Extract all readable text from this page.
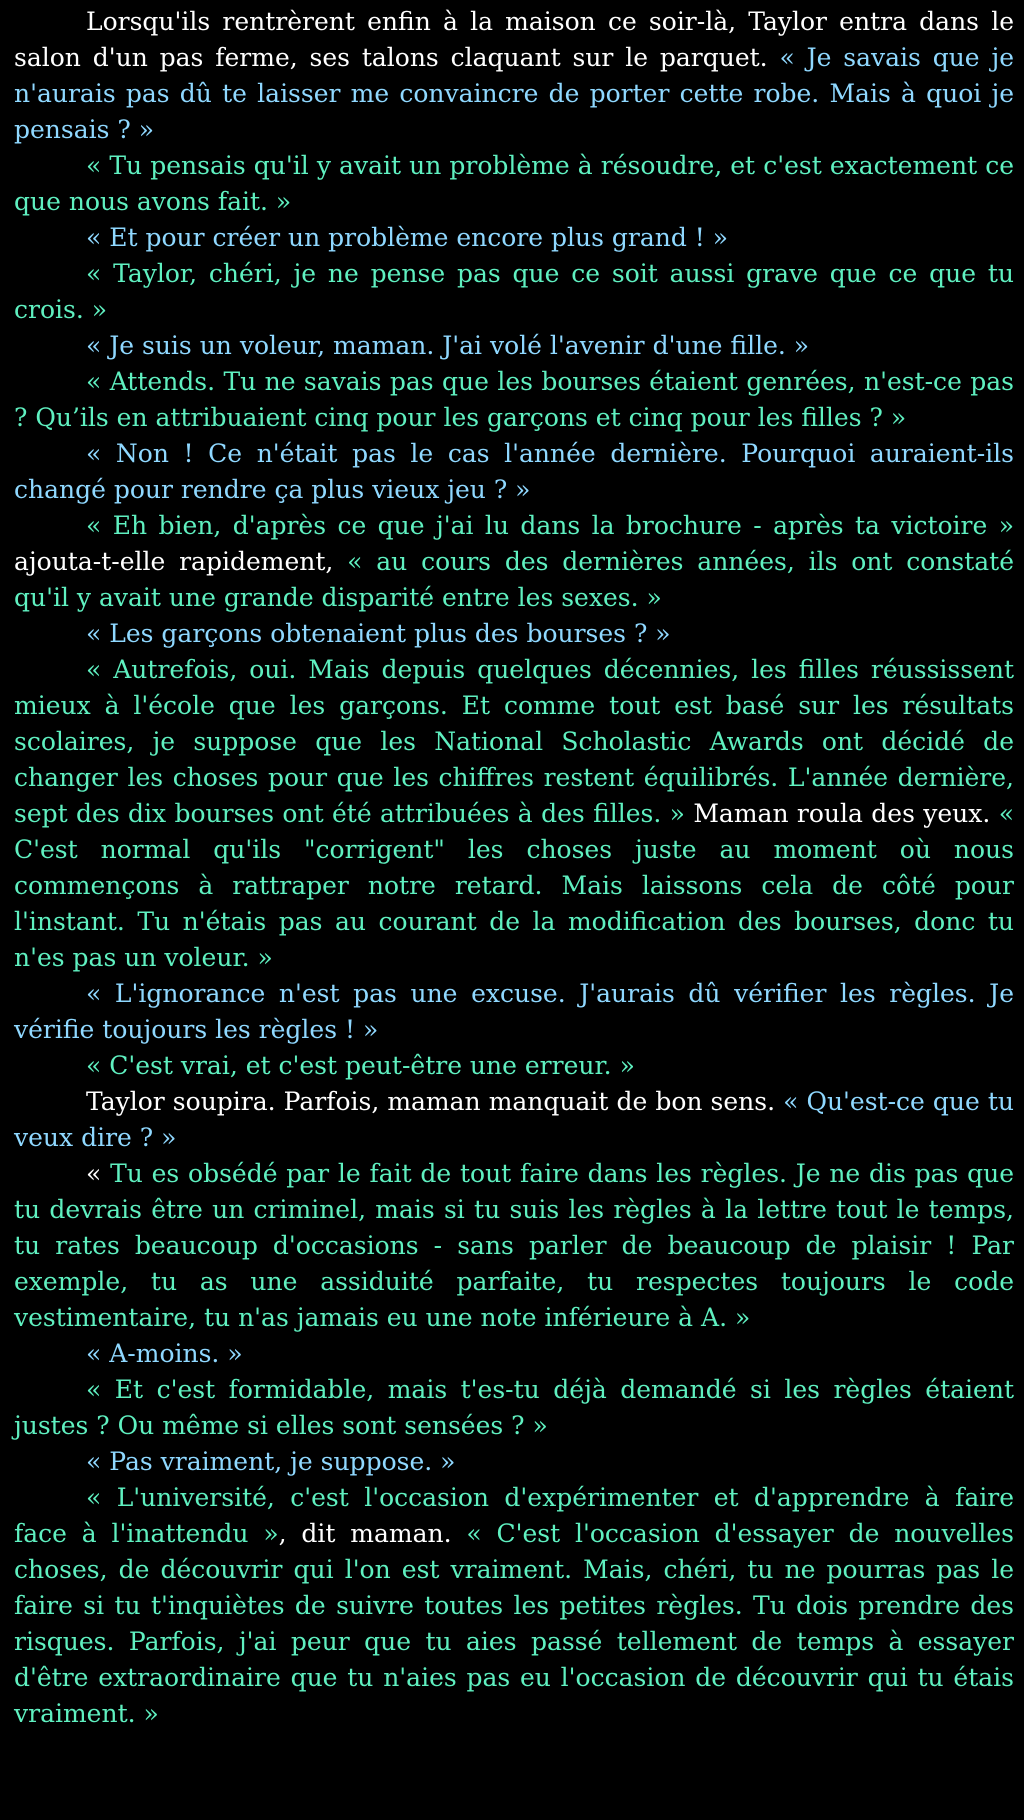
Lorsqu'ils rentrèrent enfin à la maison ce soir-là, Taylor entra dans le salon d'un pas ferme, ses talons claquant sur le parquet. « Je savais que je n'aurais pas dû te laisser me convaincre de porter cette robe. Mais à quoi je pensais ? »

« Tu pensais qu'il y avait un problème à résoudre, et c'est exactement ce que nous avons fait. »

« Et pour créer un problème encore plus grand ! »

« Taylor, chéri, je ne pense pas que ce soit aussi grave que ce que tu crois. »

« Je suis un voleur, maman. J'ai volé l'avenir d'une fille. »

« Attends. Tu ne savais pas que les bourses étaient genrées, n'est-ce pas ? Qu’ils en attribuaient cinq pour les garçons et cinq pour les filles ? »

« Non ! Ce n'était pas le cas l'année dernière. Pourquoi auraient-ils changé pour rendre ça plus vieux jeu ? »

« Eh bien, d'après ce que j'ai lu dans la brochure - après ta victoire » ajouta-t-elle rapidement, « au cours des dernières années, ils ont constaté qu'il y avait une grande disparité entre les sexes. »

« Les garçons obtenaient plus des bourses ? »

« Autrefois, oui. Mais depuis quelques décennies, les filles réussissent mieux à l'école que les garçons. Et comme tout est basé sur les résultats scolaires, je suppose que les National Scholastic Awards ont décidé de changer les choses pour que les chiffres restent équilibrés. L'année dernière, sept des dix bourses ont été attribuées à des filles. » Maman roula des yeux. « C'est normal qu'ils "corrigent" les choses juste au moment où nous commençons à rattraper notre retard. Mais laissons cela de côté pour l'instant. Tu n'étais pas au courant de la modification des bourses, donc tu n'es pas un voleur. »

« L'ignorance n'est pas une excuse. J'aurais dû vérifier les règles. Je vérifie toujours les règles ! »

« C'est vrai, et c'est peut-être une erreur. »

Taylor soupira. Parfois, maman manquait de bon sens. « Qu'est-ce que tu veux dire ? »

« Tu es obsédé par le fait de tout faire dans les règles. Je ne dis pas que tu devrais être un criminel, mais si tu suis les règles à la lettre tout le temps, tu rates beaucoup d'occasions - sans parler de beaucoup de plaisir ! Par exemple, tu as une assiduité parfaite, tu respectes toujours le code vestimentaire, tu n'as jamais eu une note inférieure à A. »

« A-moins. »

« Et c'est formidable, mais t'es-tu déjà demandé si les règles étaient justes ? Ou même si elles sont sensées ? »

« Pas vraiment, je suppose. »

« L'université, c'est l'occasion d'expérimenter et d'apprendre à faire face à l'inattendu », dit maman. « C'est l'occasion d'essayer de nouvelles choses, de découvrir qui l'on est vraiment. Mais, chéri, tu ne pourras pas le faire si tu t'inquiètes de suivre toutes les petites règles. Tu dois prendre des risques. Parfois, j'ai peur que tu aies passé tellement de temps à essayer d'être extraordinaire que tu n'aies pas eu l'occasion de découvrir qui tu étais vraiment. »
